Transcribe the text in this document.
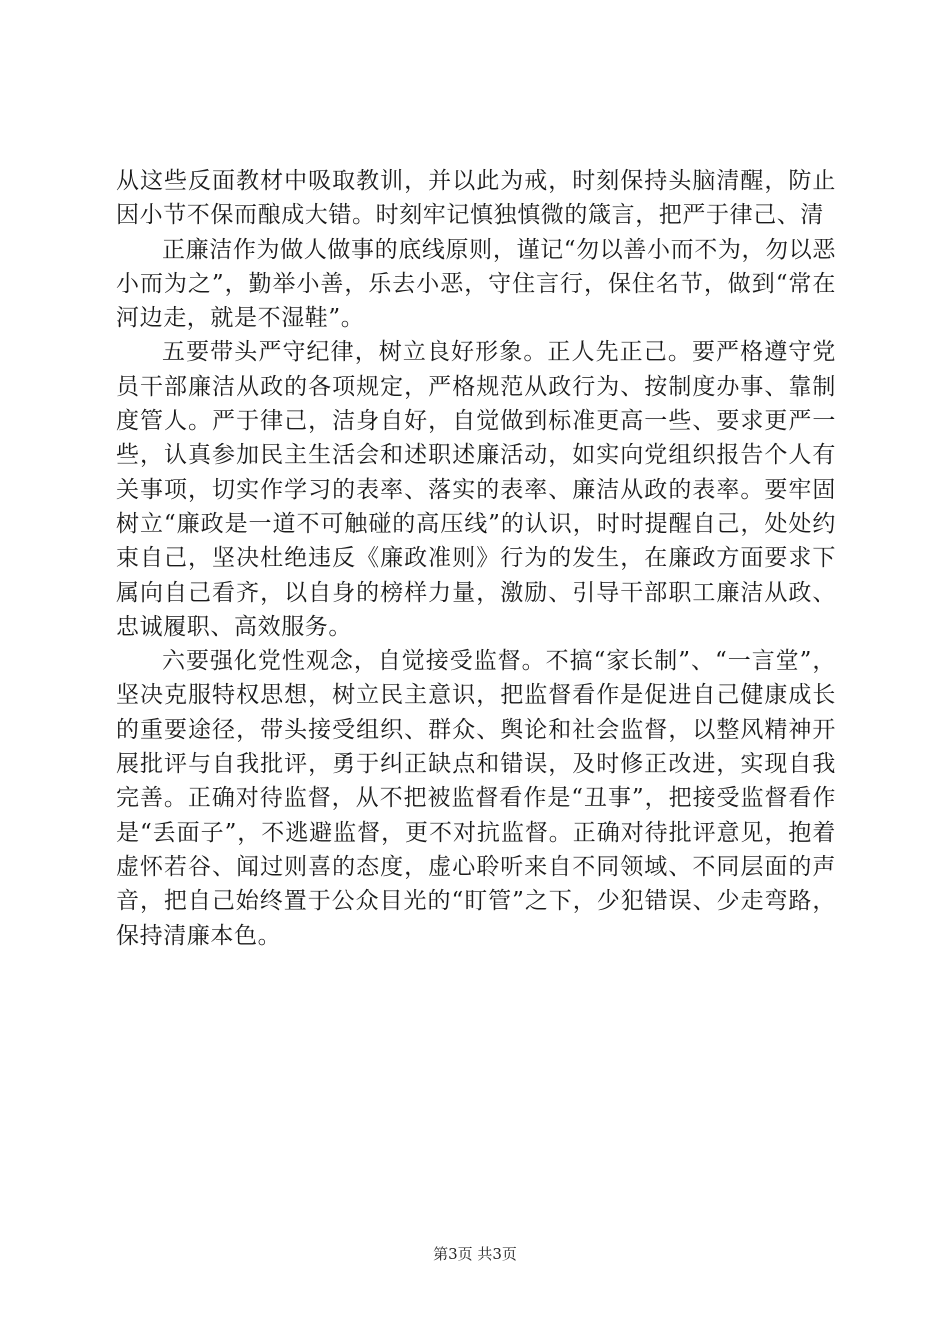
从这些反面教材中吸取教训，并以此为戒，时刻保持头脑清醒，防止因小节不保而酿成大错。时刻牢记慎独慎微的箴言，把严于律己、清

正廉洁作为做人做事的底线原则，谨记“勿以善小而不为，勿以恶小而为之”，勤举小善，乐去小恶，守住言行，保住名节，做到“常在河边走，就是不湿鞋”。

五要带头严守纪律，树立良好形象。正人先正己。要严格遵守党员干部廉洁从政的各项规定，严格规范从政行为、按制度办事、靠制度管人。严于律己，洁身自好，自觉做到标准更高一些、要求更严一些，认真参加民主生活会和述职述廉活动，如实向党组织报告个人有关事项，切实作学习的表率、落实的表率、廉洁从政的表率。要牢固树立“廉政是一道不可触碰的高压线”的认识，时时提醒自己，处处约束自己，坚决杜绝违反《廉政准则》行为的发生，在廉政方面要求下属向自己看齐，以自身的榜样力量，激励、引导干部职工廉洁从政、忠诚履职、高效服务。

六要强化党性观念，自觉接受监督。不搞“家长制”、“一言堂”，坚决克服特权思想，树立民主意识，把监督看作是促进自己健康成长的重要途径，带头接受组织、群众、舆论和社会监督，以整风精神开展批评与自我批评，勇于纠正缺点和错误，及时修正改进，实现自我完善。正确对待监督，从不把被监督看作是“丑事”，把接受监督看作是“丢面子”，不逃避监督，更不对抗监督。正确对待批评意见，抱着虚怀若谷、闻过则喜的态度，虚心聆听来自不同领域、不同层面的声音，把自己始终置于公众目光的“盯管”之下，少犯错误、少走弯路，保持清廉本色。

第3页 共3页
